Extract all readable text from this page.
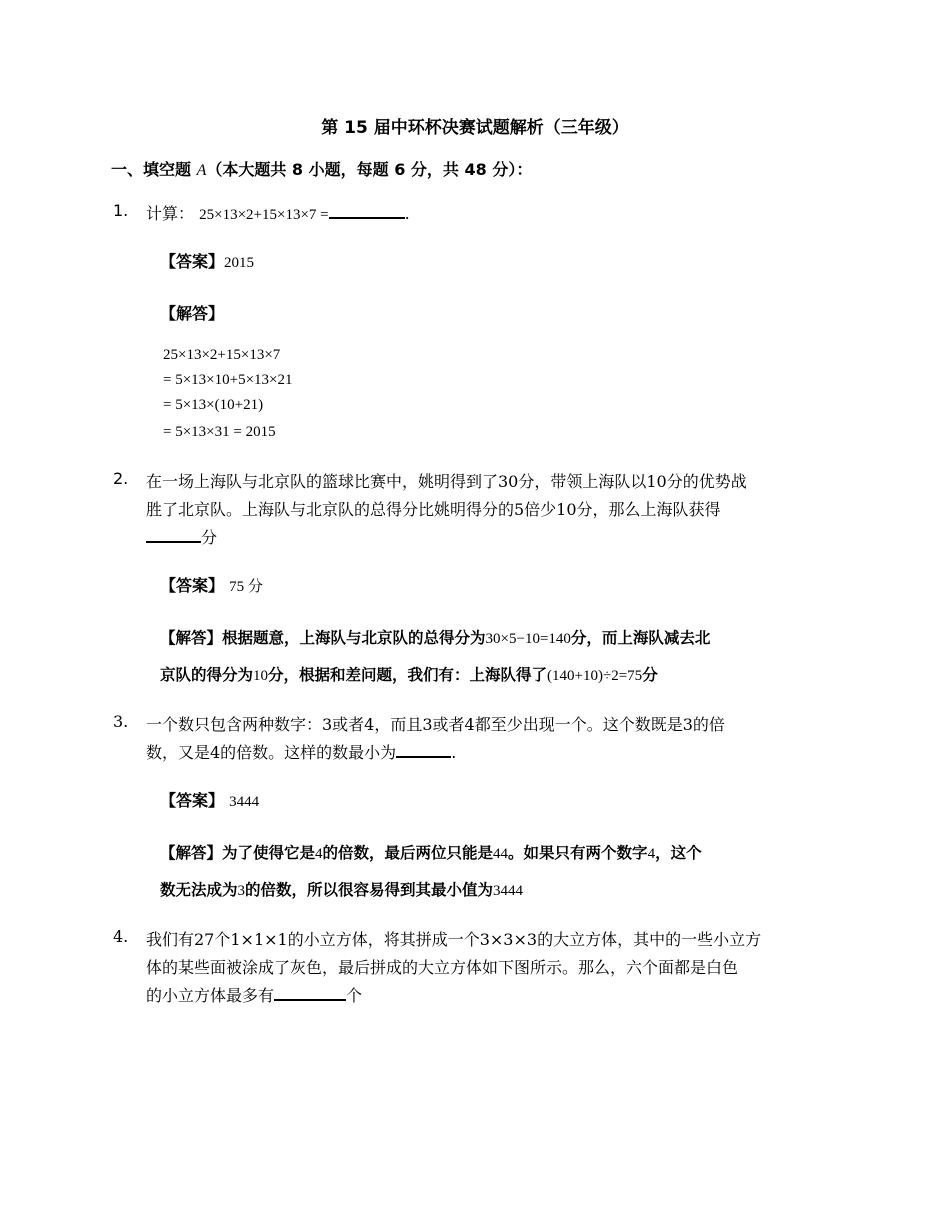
第 15 届中环杯决赛试题解析（三年级）
一、填空题 A（本大题共 8 小题，每题 6 分，共 48 分）：
1. 计算： 25×13×2+15×13×7 =	.
【答案】2015
【解答】
25×13×2+15×13×7
= 5×13×10+5×13×21
= 5×13×(10+21)
= 5×13×31 = 2015
2. 在一场上海队与北京队的篮球比赛中，姚明得到了30分，带领上海队以10分的优势战
胜了北京队。上海队与北京队的总得分比姚明得分的5倍少10分，那么上海队获得
分
【答案】 75 分
【解答】根据题意，上海队与北京队的总得分为30×5−10=140分，而上海队减去北
京队的得分为10分，根据和差问题，我们有：上海队得了(140+10)÷2=75分
3. 一个数只包含两种数字：3或者4，而且3或者4都至少出现一个。这个数既是3的倍
数，又是4的倍数。这样的数最小为	.
【答案】 3444
【解答】为了使得它是4的倍数，最后两位只能是44。如果只有两个数字4，这个
数无法成为3的倍数，所以很容易得到其最小值为3444
4. 我们有27个1×1×1的小立方体，将其拼成一个3×3×3的大立方体，其中的一些小立方
体的某些面被涂成了灰色，最后拼成的大立方体如下图所示。那么，六个面都是白色
的小立方体最多有	个
